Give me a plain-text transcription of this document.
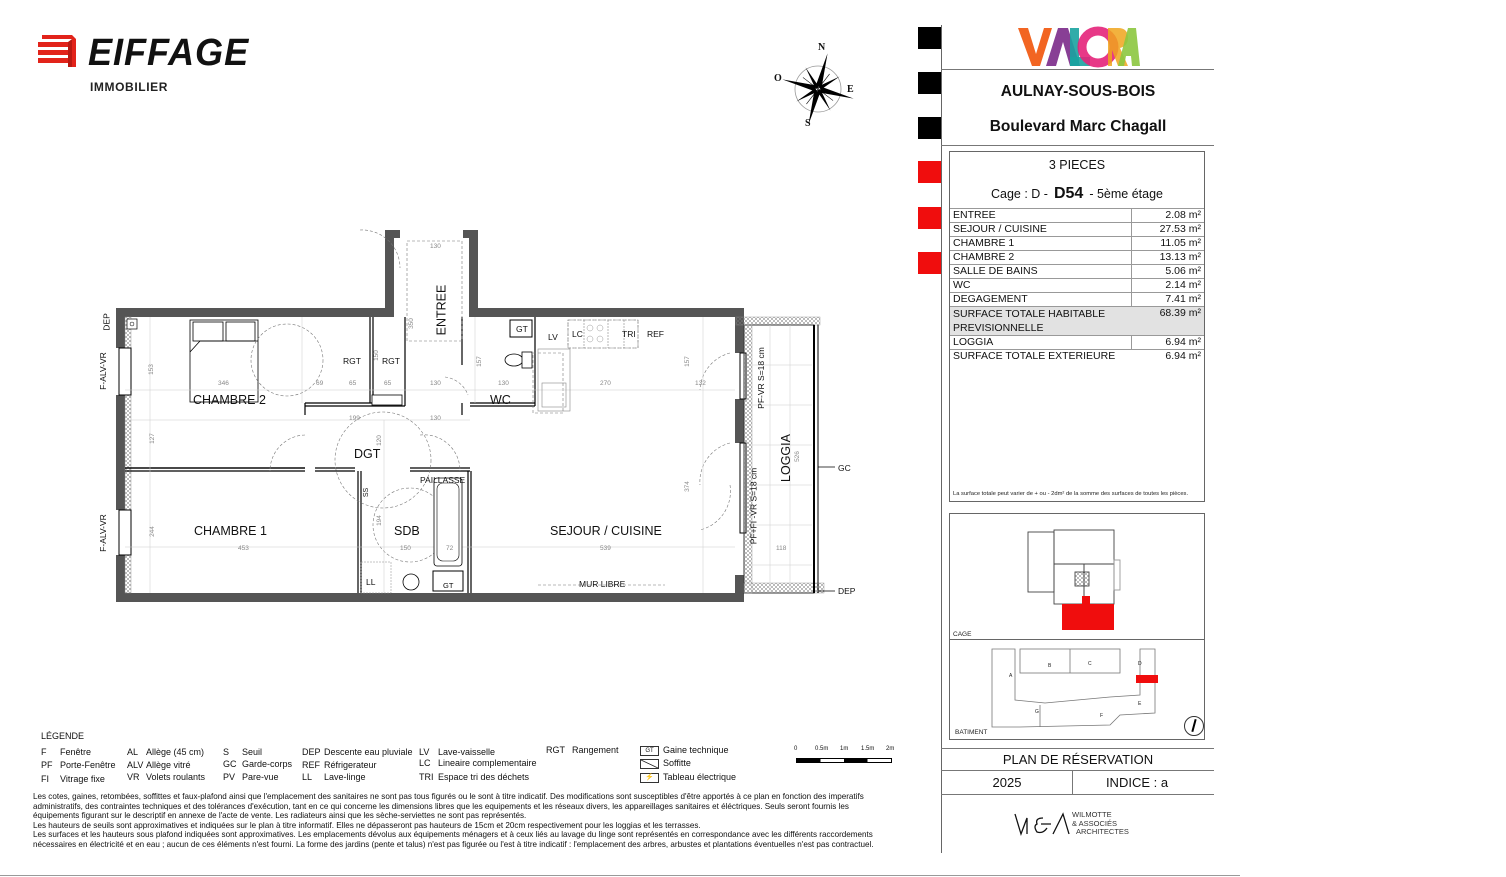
EIFFAGE
IMMOBILIER
N
E
S
O
CHAMBRE 2
CHAMBRE 1
ENTREE
DGT
WC
SDB	SEJOUR / CUISINE
LOGGIA
RGT RGT
GT
GT
LC	TRI REF
LV
LL
SS
PAILLASSE
MUR LIBRE
DEP
F-ALV-VR
F-ALV-VR
PF-VR S=18 cm
PF+FI -VR S=18 cm	GC
DEP
130
350
153
346	69	65	65	130	130	270	132
157	157
150
199	130
127	120
244
453
194
150	72	539
374
118
526
AULNAY-SOUS-BOIS
Boulevard Marc Chagall
3 PIECES
Cage : D - D54 - 5ème étage
ENTREE	2.08 m²
SEJOUR / CUISINE	27.53 m²
CHAMBRE 1	11.05 m²
CHAMBRE 2	13.13 m²
SALLE DE BAINS	5.06 m²
WC	2.14 m²
DEGAGEMENT	7.41 m²
SURFACE TOTALE HABITABLE
PREVISIONNELLE	68.39 m²
LOGGIA	6.94 m²
SURFACE TOTALE EXTERIEURE	6.94 m²
La surface totale peut varier de + ou - 2dm² de la somme des surfaces de toutes les pièces.
CAGE
A
B	C	D
E
F
G
BATIMENT
PLAN DE RÉSERVATION
2025	INDICE : a
WILMOTTE
& ASSOCIÉS
ARCHITECTES
LÉGENDE
F Fenêtre
PF Porte-Fenêtre
FI Vitrage fixe
AL Allège (45 cm)
ALV Allège vitré
VR Volets roulants
S Seuil
GC Garde-corps
PV Pare-vue
DEP Descente eau pluviale
REF Réfrigerateur
LL Lave-linge
LV Lave-vaisselle
LC Lineaire complementaire
TRI Espace tri des déchets
RGT Rangement	GT	Gaine technique
Soffitte
⚡	Tableau électrique
0	0.5m 1m 1.5m 2m

Les cotes, gaines, retombées, soffittes et faux-plafond ainsi que l'emplacement des sanitaires ne sont pas tous figurés ou le sont à titre indicatif. Des modifications sont susceptibles d'être apportés à ce plan en fonction des imperatifs

administratifs, des contraintes techniques et des tolérances d'exécution, tant en ce qui concerne les dimensions libres que les equipements et les réseaux divers, les appareillages sanitaires et éléctriques. Seuls seront fournis les

équipements figurant sur le descriptif en annexe de l'acte de vente. Les radiateurs ainsi que les sèche-serviettes ne sont pas représentés.

Les hauteurs de seuils sont approximatives et indiquées sur le plan à titre informatif. Elles ne dépasseront pas hauteurs de 15cm et 20cm respectivement pour les loggias et les terrasses.

Les surfaces et les hauteurs sous plafond indiquées sont approximatives. Les emplacements dévolus aux équipements ménagers et à ceux liés au lavage du linge sont représentés en correspondance avec les différents raccordements

nécessaires en électricité et en eau ; aucun de ces éléments n'est fourni. La forme des jardins (pente et talus) n'est pas figurée ou l'est à titre indicatif : l'emplacement des arbres, arbustes et plantations éventuelles n'est pas contractuel.
